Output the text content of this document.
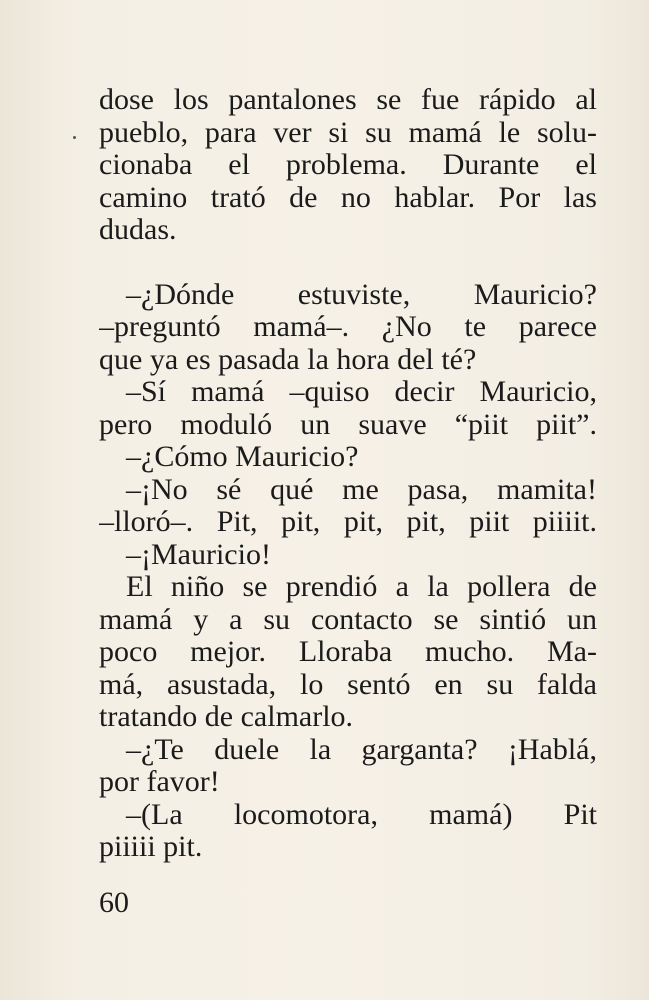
dose los pantalones se fue rápido al
pueblo, para ver si su mamá le solu-
cionaba el problema. Durante el
camino trató de no hablar. Por las
dudas.
–¿Dónde estuviste, Mauricio?
–preguntó mamá–. ¿No te parece
que ya es pasada la hora del té?
–Sí mamá –quiso decir Mauricio,
pero moduló un suave “piit piit”.
–¿Cómo Mauricio?
–¡No sé qué me pasa, mamita!
–lloró–. Pit, pit, pit, pit, piit piiiit.
–¡Mauricio!
El niño se prendió a la pollera de
mamá y a su contacto se sintió un
poco mejor. Lloraba mucho. Ma-
má, asustada, lo sentó en su falda
tratando de calmarlo.
–¿Te duele la garganta? ¡Hablá,
por favor!
–(La locomotora, mamá) Pit
piiiii pit.
60
